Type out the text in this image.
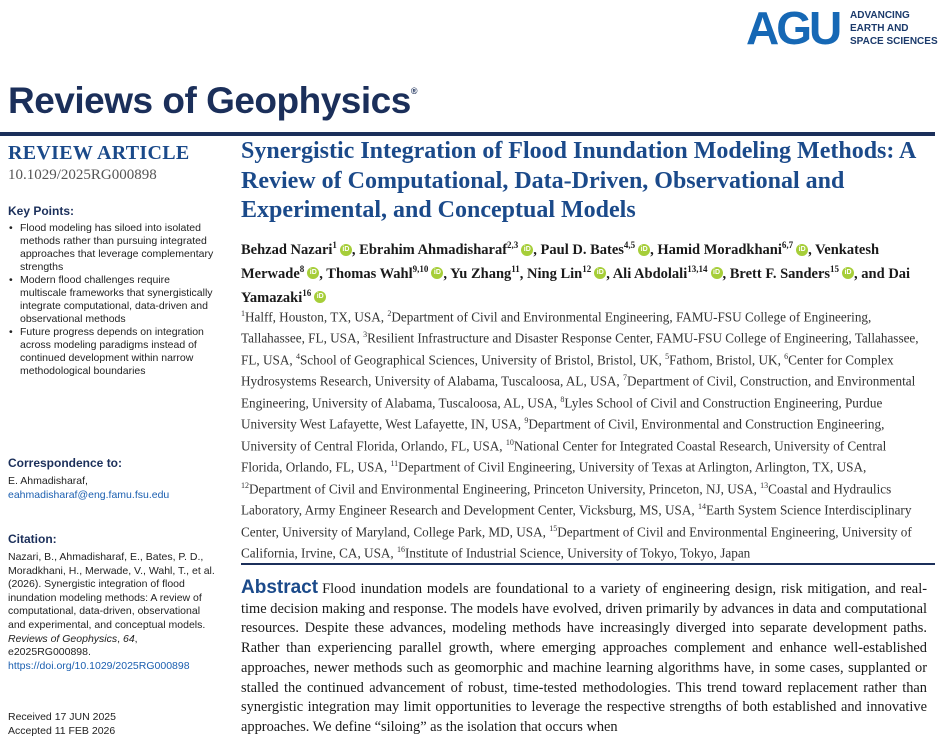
AGU ADVANCING
EARTH AND
SPACE SCIENCES
Reviews of Geophysics®
REVIEW ARTICLE
10.1029/2025RG000898
Key Points:
• Flood modeling has siloed into isolated methods rather than pursuing integrated approaches that leverage complementary strengths
• Modern flood challenges require multiscale frameworks that synergistically integrate computational, data-driven and observational methods
• Future progress depends on integration across modeling paradigms instead of continued development within narrow methodological boundaries
Correspondence to:
E. Ahmadisharaf,
eahmadisharaf@eng.famu.fsu.edu
Citation:
Nazari, B., Ahmadisharaf, E., Bates, P. D., Moradkhani, H., Merwade, V., Wahl, T., et al. (2026). Synergistic integration of flood inundation modeling methods: A review of computational, data-driven, observational and experimental, and conceptual models. Reviews of Geophysics, 64, e2025RG000898. https://doi.org/10.1029/2025RG000898
Received 17 JUN 2025
Accepted 11 FEB 2026
Synergistic Integration of Flood Inundation Modeling Methods: A Review of Computational, Data-Driven, Observational and Experimental, and Conceptual Models
Behzad Nazari$^1$ iD , Ebrahim Ahmadisharaf$^{2,3}$ iD , Paul D. Bates$^{4,5}$ iD , Hamid Moradkhani$^{6,7}$ iD , Venkatesh Merwade$^8$ iD , Thomas Wahl$^{9,10}$ iD , Yu Zhang$^{11}$, Ning Lin$^{12}$ iD , Ali Abdolali$^{13,14}$ iD , Brett F. Sanders$^{15}$ iD , and Dai Yamazaki$^{16}$ iD
$^1$Halff, Houston, TX, USA, $^2$Department of Civil and Environmental Engineering, FAMU-FSU College of Engineering, Tallahassee, FL, USA, $^3$Resilient Infrastructure and Disaster Response Center, FAMU-FSU College of Engineering, Tallahassee, FL, USA, $^4$School of Geographical Sciences, University of Bristol, Bristol, UK, $^5$Fathom, Bristol, UK, $^6$Center for Complex Hydrosystems Research, University of Alabama, Tuscaloosa, AL, USA, $^7$Department of Civil, Construction, and Environmental Engineering, University of Alabama, Tuscaloosa, AL, USA, $^8$Lyles School of Civil and Construction Engineering, Purdue University West Lafayette, West Lafayette, IN, USA, $^9$Department of Civil, Environmental and Construction Engineering, University of Central Florida, Orlando, FL, USA, $^{10}$National Center for Integrated Coastal Research, University of Central Florida, Orlando, FL, USA, $^{11}$Department of Civil Engineering, University of Texas at Arlington, Arlington, TX, USA, $^{12}$Department of Civil and Environmental Engineering, Princeton University, Princeton, NJ, USA, $^{13}$Coastal and Hydraulics Laboratory, Army Engineer Research and Development Center, Vicksburg, MS, USA, $^{14}$Earth System Science Interdisciplinary Center, University of Maryland, College Park, MD, USA, $^{15}$Department of Civil and Environmental Engineering, University of California, Irvine, CA, USA, $^{16}$Institute of Industrial Science, University of Tokyo, Tokyo, Japan
Abstract Flood inundation models are foundational to a variety of engineering design, risk mitigation, and real-time decision making and response. The models have evolved, driven primarily by advances in data and computational resources. Despite these advances, modeling methods have increasingly diverged into separate development paths. Rather than experiencing parallel growth, where emerging approaches complement and enhance well-established approaches, newer methods such as geomorphic and machine learning algorithms have, in some cases, supplanted or stalled the continued advancement of robust, time-tested methodologies. This trend toward replacement rather than synergistic integration may limit opportunities to leverage the respective strengths of both established and innovative approaches. We define “siloing” as the isolation that occurs when
